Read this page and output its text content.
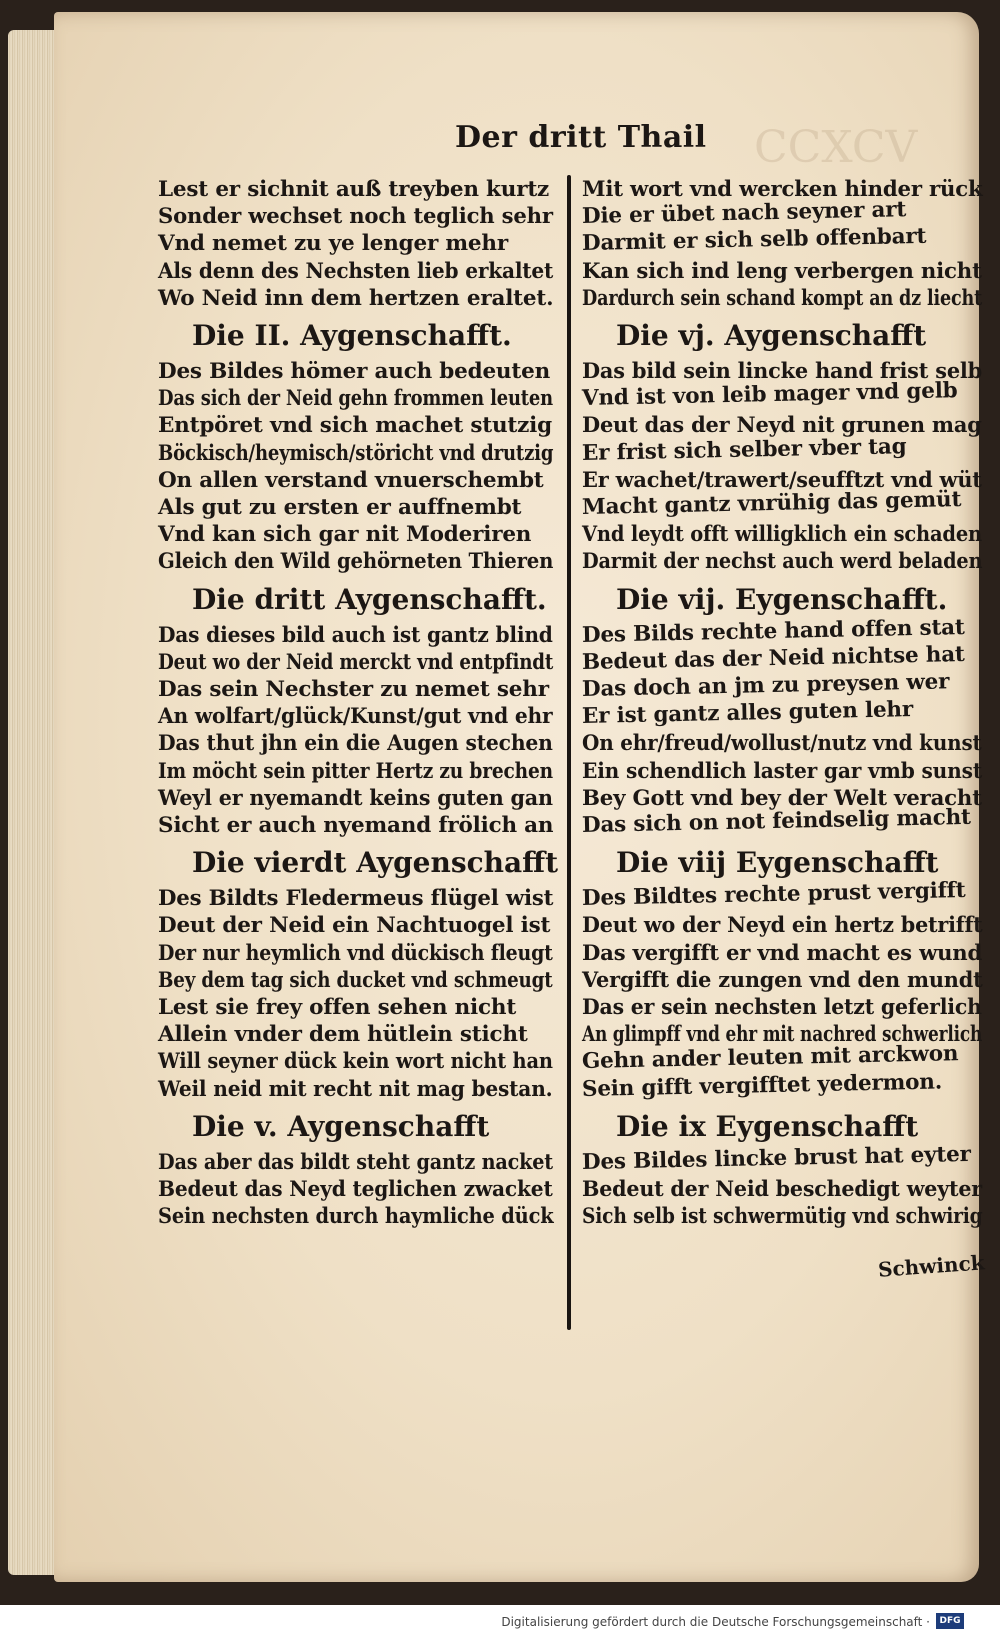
CCXCV
Der dritt Thail
Lest er sichnit auß treyben kurtz
Sonder wechset noch teglich sehr
Vnd nemet zu ye lenger mehr
Als denn des Nechsten lieb erkaltet
Wo Neid inn dem hertzen eraltet.
Die II. Aygenschafft.
Des Bildes hömer auch bedeuten
Das sich der Neid gehn frommen leuten
Entpöret vnd sich machet stutzig
Böckisch/heymisch/störicht vnd drutzig
On allen verstand vnuerschembt
Als gut zu ersten er auffnembt
Vnd kan sich gar nit Moderiren
Gleich den Wild gehörneten Thieren
Die dritt Aygenschafft.
Das dieses bild auch ist gantz blind
Deut wo der Neid merckt vnd entpfindt
Das sein Nechster zu nemet sehr
An wolfart/glück/Kunst/gut vnd ehr
Das thut jhn ein die Augen stechen
Im möcht sein pitter Hertz zu brechen
Weyl er nyemandt keins guten gan
Sicht er auch nyemand frölich an
Die vierdt Aygenschafft
Des Bildts Fledermeus flügel wist
Deut der Neid ein Nachtuogel ist
Der nur heymlich vnd dückisch fleugt
Bey dem tag sich ducket vnd schmeugt
Lest sie frey offen sehen nicht
Allein vnder dem hütlein sticht
Will seyner dück kein wort nicht han
Weil neid mit recht nit mag bestan.
Die v. Aygenschafft
Das aber das bildt steht gantz nacket
Bedeut das Neyd teglichen zwacket
Sein nechsten durch haymliche dück
Mit wort vnd wercken hinder rück
Die er übet nach seyner art
Darmit er sich selb offenbart
Kan sich ind leng verbergen nicht
Dardurch sein schand kompt an dz liecht
Die vj. Aygenschafft
Das bild sein lincke hand frist selb
Vnd ist von leib mager vnd gelb
Deut das der Neyd nit grunen mag
Er frist sich selber vber tag
Er wachet/trawert/seufftzt vnd wüt
Macht gantz vnrühig das gemüt
Vnd leydt offt willigklich ein schaden
Darmit der nechst auch werd beladen
Die vij. Eygenschafft.
Des Bilds rechte hand offen stat
Bedeut das der Neid nichtse hat
Das doch an jm zu preysen wer
Er ist gantz alles guten lehr
On ehr/freud/wollust/nutz vnd kunst
Ein schendlich laster gar vmb sunst
Bey Gott vnd bey der Welt veracht
Das sich on not feindselig macht
Die viij Eygenschafft
Des Bildtes rechte prust vergifft
Deut wo der Neyd ein hertz betrifft
Das vergifft er vnd macht es wund
Vergifft die zungen vnd den mundt
Das er sein nechsten letzt geferlich
An glimpff vnd ehr mit nachred schwerlich
Gehn ander leuten mit arckwon
Sein gifft vergifftet yedermon.
Die ix Eygenschafft
Des Bildes lincke brust hat eyter
Bedeut der Neid beschedigt weyter
Sich selb ist schwermütig vnd schwirig
Schwinck
Digitalisierung gefördert durch die Deutsche Forschungsgemeinschaft ·	DFG
